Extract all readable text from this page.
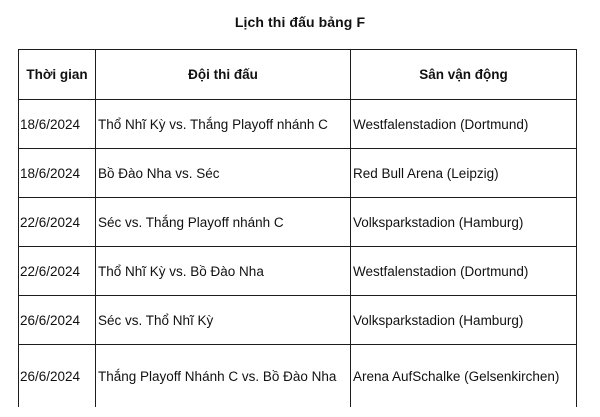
Lịch thi đấu bảng F
Thời gian	Đội thi đấu	Sân vận động
18/6/2024	Thổ Nhĩ Kỳ vs. Thắng Playoff nhánh C	Westfalenstadion (Dortmund)
18/6/2024	Bồ Đào Nha vs. Séc	Red Bull Arena (Leipzig)
22/6/2024	Séc vs. Thắng Playoff nhánh C	Volksparkstadion (Hamburg)
22/6/2024	Thổ Nhĩ Kỳ vs. Bồ Đào Nha	Westfalenstadion (Dortmund)
26/6/2024	Séc vs. Thổ Nhĩ Kỳ	Volksparkstadion (Hamburg)
26/6/2024	Thắng Playoff Nhánh C vs. Bồ Đào Nha	Arena AufSchalke (Gelsenkirchen)
